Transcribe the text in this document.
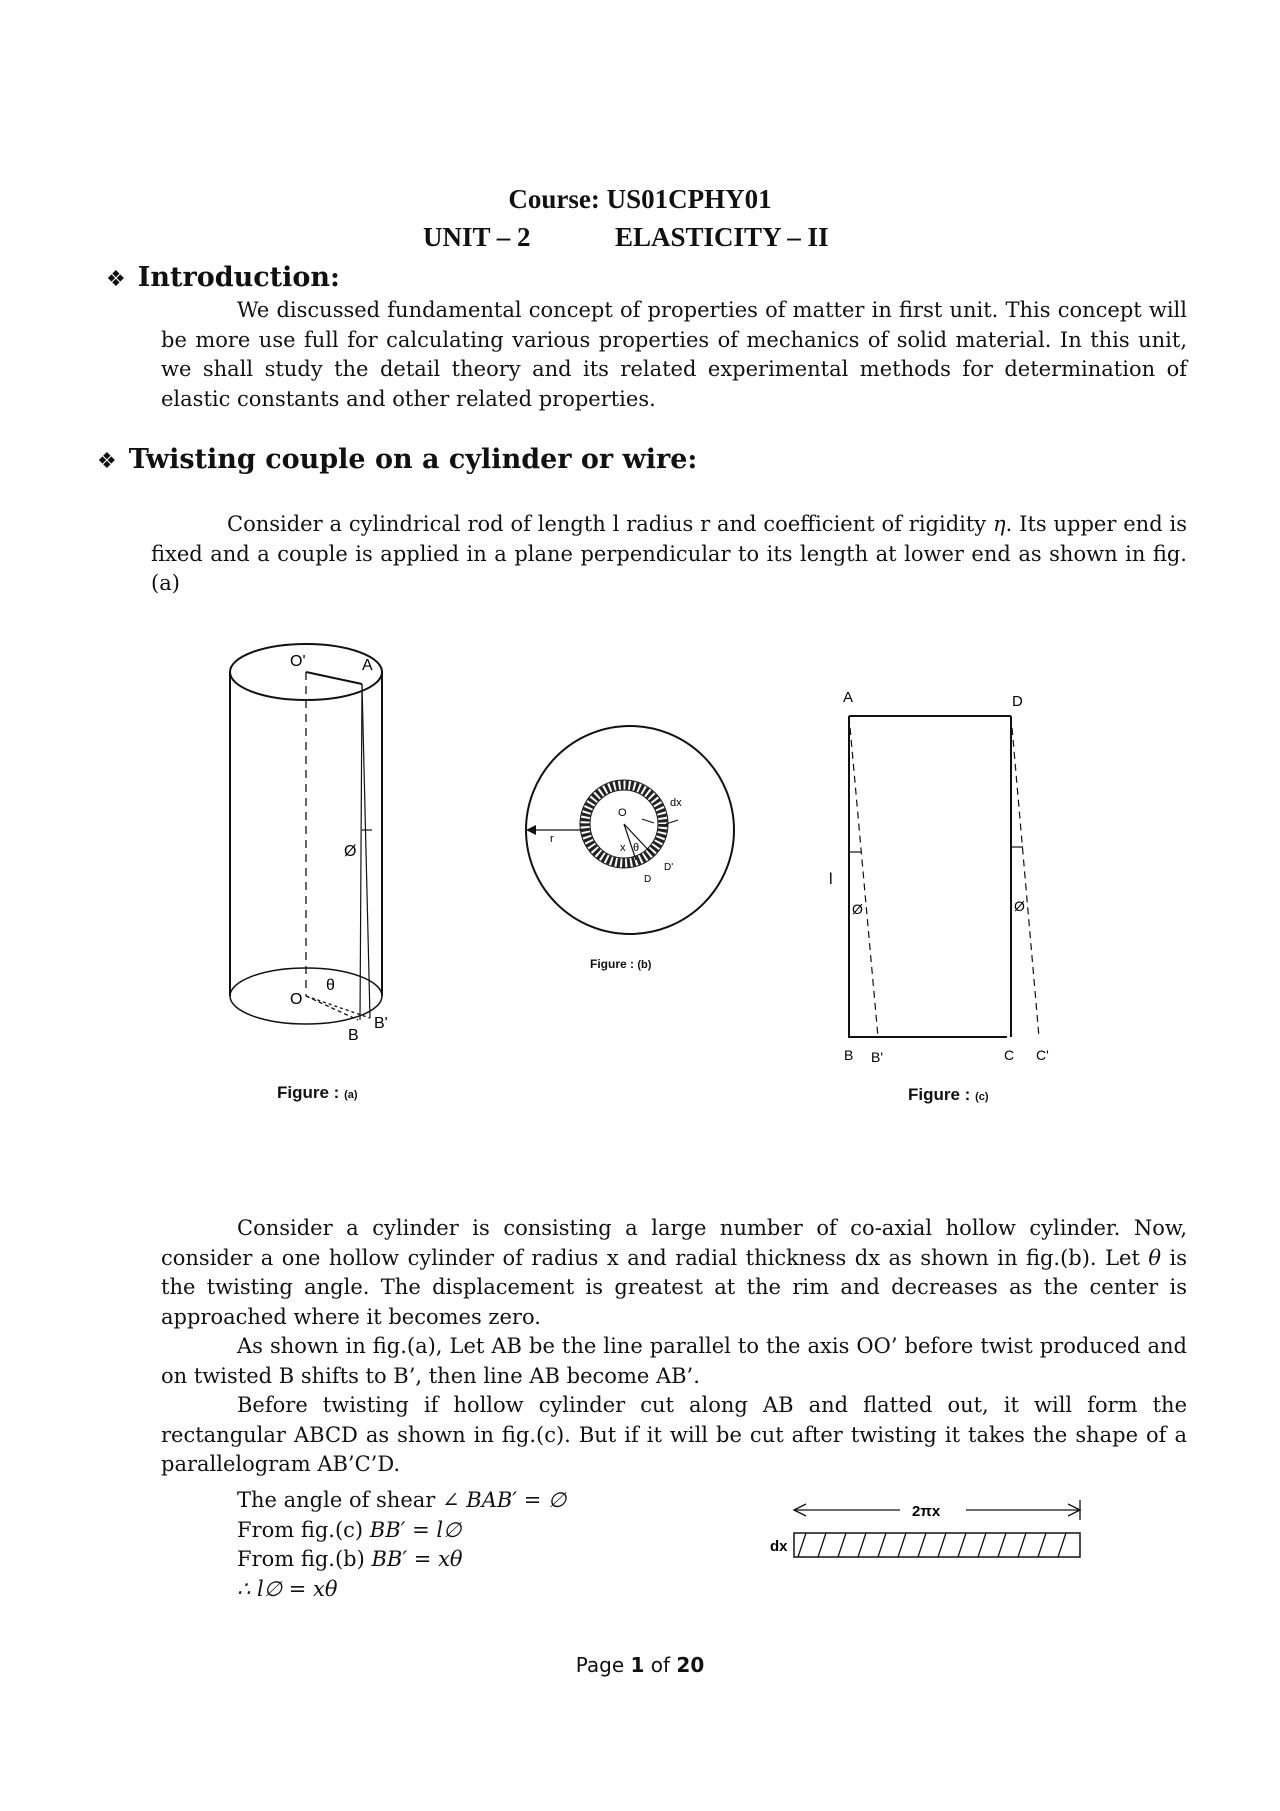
Course: US01CPHY01
UNIT – 2	ELASTICITY – II
❖ Introduction:

We discussed fundamental concept of properties of matter in first unit. This concept will be more use full for calculating various properties of mechanics of solid material. In this unit, we shall study the detail theory and its related experimental methods for determination of elastic constants and other related properties.

❖ Twisting couple on a cylinder or wire:

Consider a cylindrical rod of length l radius r and coefficient of rigidity η. Its upper end is fixed and a couple is applied in a plane perpendicular to its length at lower end as shown in fig.(a)

O'	A
Ø
θ
O
B
B'
Figure : (a)
dx
O
r
x θ
D'
D
Figure : (b)
A	D
l
Ø	Ø
B B'	C C'
Figure : (c)

Consider a cylinder is consisting a large number of co-axial hollow cylinder. Now, consider a one hollow cylinder of radius x and radial thickness dx as shown in fig.(b). Let θ is the twisting angle. The displacement is greatest at the rim and decreases as the center is approached where it becomes zero.

As shown in fig.(a), Let AB be the line parallel to the axis OO’ before twist produced and on twisted B shifts to B’, then line AB become AB’.

Before twisting if hollow cylinder cut along AB and flatted out, it will form the rectangular ABCD as shown in fig.(c). But if it will be cut after twisting it takes the shape of a parallelogram AB’C’D.

The angle of shear ∠ BAB′ = ∅
From fig.(c) BB′ = l∅
From fig.(b) BB′ = xθ
∴ l∅ = xθ
2πx
dx
Page 1 of 20
